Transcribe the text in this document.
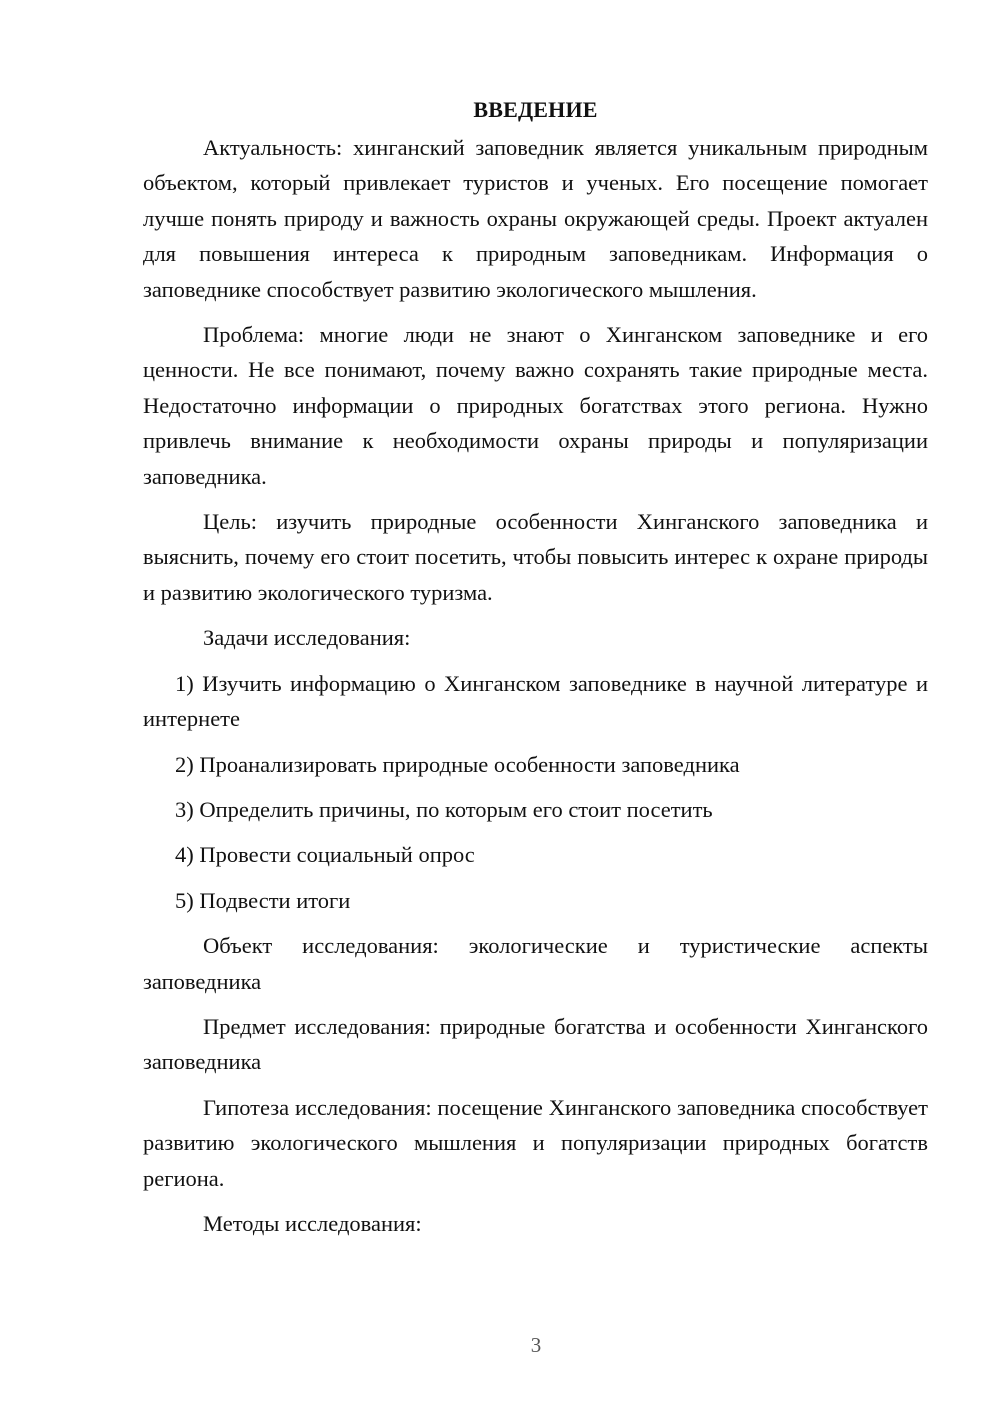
ВВЕДЕНИЕ

Актуальность: хинганский заповедник является уникальным природным объектом, который привлекает туристов и ученых. Его посещение помогает лучше понять природу и важность охраны окружающей среды. Проект актуален для повышения интереса к природным заповедникам. Информация о заповеднике способствует развитию экологического мышления.

Проблема: многие люди не знают о Хинганском заповеднике и его ценности. Не все понимают, почему важно сохранять такие природные места. Недостаточно информации о природных богатствах этого региона. Нужно привлечь внимание к необходимости охраны природы и популяризации заповедника.

Цель: изучить природные особенности Хинганского заповедника и выяснить, почему его стоит посетить, чтобы повысить интерес к охране природы и развитию экологического туризма.

Задачи исследования:

1) Изучить информацию о Хинганском заповеднике в научной литературе и интернете

2) Проанализировать природные особенности заповедника

3) Определить причины, по которым его стоит посетить

4) Провести социальный опрос

5) Подвести итоги

Объект исследования: экологические и туристические аспекты заповедника

Предмет исследования: природные богатства и особенности Хинганского заповедника

Гипотеза исследования: посещение Хинганского заповедника способствует развитию экологического мышления и популяризации природных богатств региона.

Методы исследования:

3
